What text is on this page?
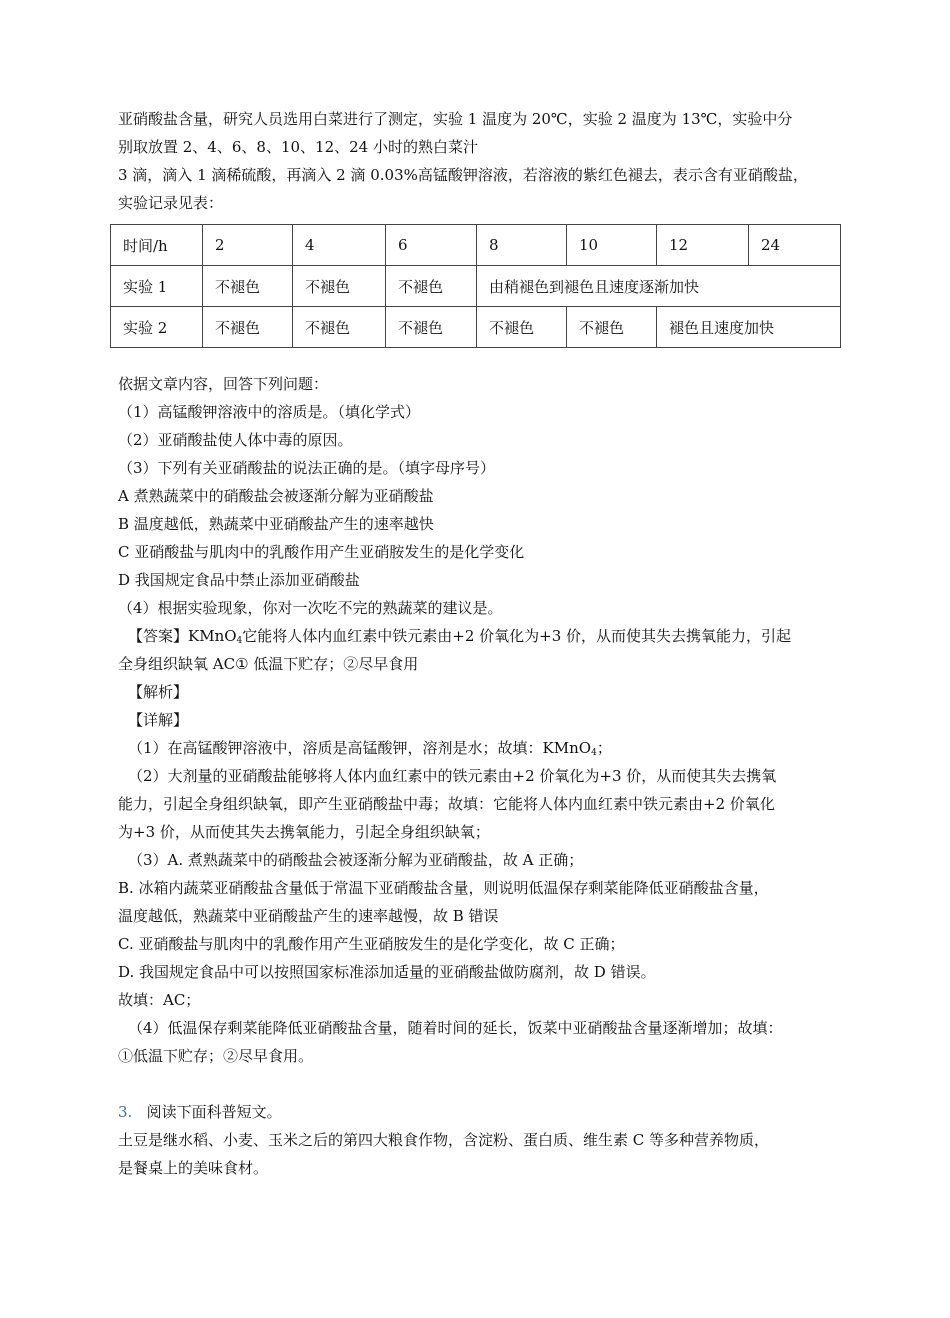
亚硝酸盐含量，研究人员选用白菜进行了测定，实验 1 温度为 20℃，实验 2 温度为 13℃，实验中分
别取放置 2、4、6、8、10、12、24 小时的熟白菜汁
3 滴，滴入 1 滴稀硫酸，再滴入 2 滴 0.03%高锰酸钾溶液，若溶液的紫红色褪去，表示含有亚硝酸盐，
实验记录见表：
时间/h	2	4	6	8	10	12	24
实验 1	不褪色	不褪色	不褪色	由稍褪色到褪色且速度逐渐加快			
实验 2	不褪色	不褪色	不褪色	不褪色	不褪色	褪色且速度加快	
依据文章内容，回答下列问题：
（1）高锰酸钾溶液中的溶质是。（填化学式）
（2）亚硝酸盐使人体中毒的原因。
（3）下列有关亚硝酸盐的说法正确的是。（填字母序号）
A 煮熟蔬菜中的硝酸盐会被逐渐分解为亚硝酸盐
B 温度越低，熟蔬菜中亚硝酸盐产生的速率越快
C 亚硝酸盐与肌肉中的乳酸作用产生亚硝胺发生的是化学变化
D 我国规定食品中禁止添加亚硝酸盐
（4）根据实验现象，你对一次吃不完的熟蔬菜的建议是。
【答案】KMnO$_4$它能将人体内血红素中铁元素由+2 价氧化为+3 价，从而使其失去携氧能力，引起
全身组织缺氧 AC① 低温下贮存；②尽早食用
【解析】
【详解】
（1）在高锰酸钾溶液中，溶质是高锰酸钾，溶剂是水；故填：KMnO$_4$；
（2）大剂量的亚硝酸盐能够将人体内血红素中的铁元素由+2 价氧化为+3 价，从而使其失去携氧
能力，引起全身组织缺氧，即产生亚硝酸盐中毒；故填：它能将人体内血红素中铁元素由+2 价氧化
为+3 价，从而使其失去携氧能力，引起全身组织缺氧；
（3）A. 煮熟蔬菜中的硝酸盐会被逐渐分解为亚硝酸盐，故 A 正确；
B. 冰箱内蔬菜亚硝酸盐含量低于常温下亚硝酸盐含量，则说明低温保存剩菜能降低亚硝酸盐含量，
温度越低，熟蔬菜中亚硝酸盐产生的速率越慢，故 B 错误
C. 亚硝酸盐与肌肉中的乳酸作用产生亚硝胺发生的是化学变化，故 C 正确；
D. 我国规定食品中可以按照国家标准添加适量的亚硝酸盐做防腐剂，故 D 错误。
故填：AC；
（4）低温保存剩菜能降低亚硝酸盐含量，随着时间的延长，饭菜中亚硝酸盐含量逐渐增加；故填：
①低温下贮存；②尽早食用。
3. 阅读下面科普短文。
土豆是继水稻、小麦、玉米之后的第四大粮食作物，含淀粉、蛋白质、维生素 C 等多种营养物质，
是餐桌上的美味食材。
